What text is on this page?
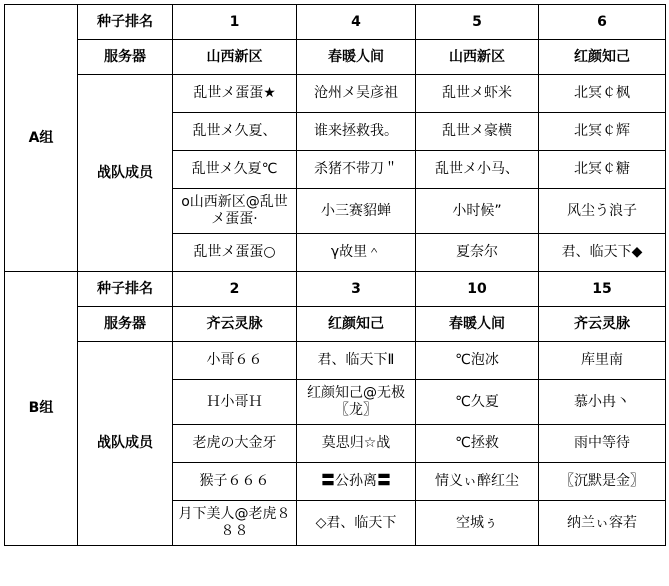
A组	种子排名	1	4	5	6
	服务器	山西新区	春暖人间	山西新区	红颜知己
	战队成员	乱世メ蛋蛋★	沧州メ吴彦祖	乱世メ虾米	北冥￠枫
		乱世メ久夏、	谁来拯救我。	乱世メ豪横	北冥￠辉
		乱世メ久夏℃	杀猪不带刀＂	乱世メ小马、	北冥￠糖
		o山西新区@乱世メ蛋蛋·	小三赛貂蝉	小时候”	风尘う浪子
		乱世メ蛋蛋○	γ故里＾	夏奈尔	君、临天下◆
B组	种子排名	2	3	10	15
	服务器	齐云灵脉	红颜知己	春暖人间	齐云灵脉
	战队成员	小哥６６	君、临天下Ⅱ	℃泡冰	库里南
		Ｈ小哥Ｈ	红颜知己@无极〖龙〗	℃久夏	慕小冉丶
		老虎の大金牙	莫思归☆战	℃拯救	雨中等待
		猴子６６６	〓公孙离〓	情义ぃ醉红尘	〖沉默是金〗
		月下美人@老虎８８８	◇君、临天下	空城ぅ	纳兰ぃ容若
